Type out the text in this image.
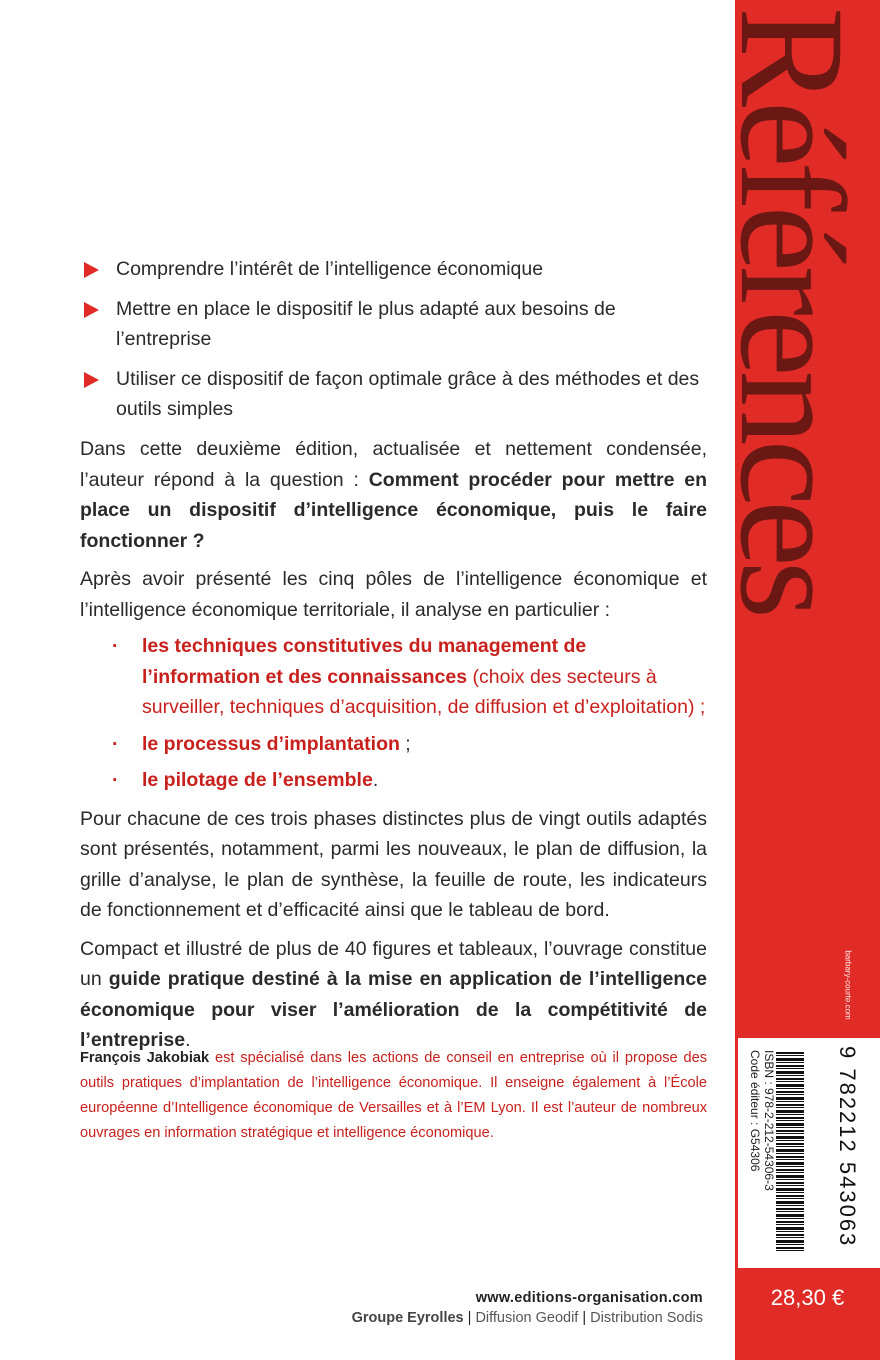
Références
barbary-courte.com
Code éditeur : G54306 ISBN : 978-2-212-54306-3	9 782212 543063
28,30 €
Comprendre l’intérêt de l’intelligence économique
Mettre en place le dispositif le plus adapté aux besoins de l’entreprise
Utiliser ce dispositif de façon optimale grâce à des méthodes et des outils simples

Dans cette deuxième édition, actualisée et nettement condensée, l’auteur répond à la question : Comment procéder pour mettre en place un dispositif d’intelligence économique, puis le faire fonctionner ?

Après avoir présenté les cinq pôles de l’intelligence économique et l’intelligence économique territoriale, il analyse en particulier :

· les techniques constitutives du management de l’information et des connaissances (choix des secteurs à surveiller, techniques d’acquisition, de diffusion et d’exploitation) ;
· le processus d’implantation ;
· le pilotage de l’ensemble.

Pour chacune de ces trois phases distinctes plus de vingt outils adaptés sont présentés, notamment, parmi les nouveaux, le plan de diffusion, la grille d’analyse, le plan de synthèse, la feuille de route, les indicateurs de fonctionnement et d’efficacité ainsi que le tableau de bord.

Compact et illustré de plus de 40 figures et tableaux, l’ouvrage constitue un guide pratique destiné à la mise en application de l’intelligence économique pour viser l’amélioration de la compétitivité de l’entreprise.

François Jakobiak est spécialisé dans les actions de conseil en entreprise où il propose des outils pratiques d’implantation de l’intelligence économique. Il enseigne également à l’École européenne d’Intelligence économique de Versailles et à l’EM Lyon. Il est l’auteur de nombreux ouvrages en information stratégique et intelligence économique.
www.editions-organisation.com
Groupe Eyrolles | Diffusion Geodif | Distribution Sodis
